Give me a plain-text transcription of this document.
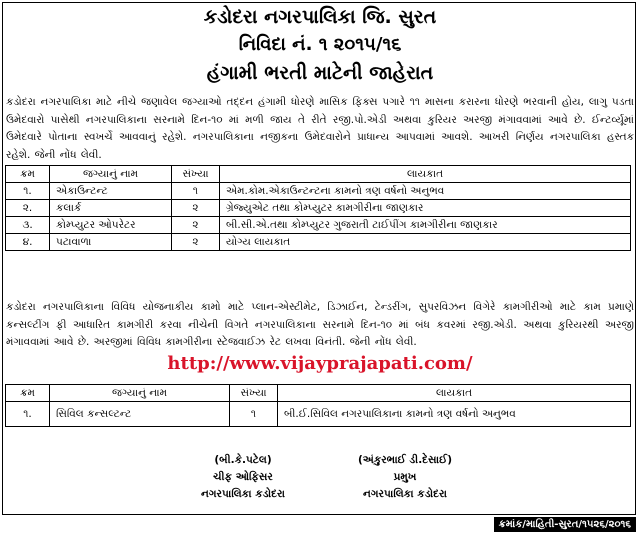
કડોદરા નગરપાલિકા જિ. સુરત
નિવિદા નં. ૧ ૨૦૧૫/૧૬
હંગામી ભરતી માટેની જાહેરાત
કડોદરા નગરપાલિકા માટે નીચે જણાવેલ જગ્યાઓ તદ્દન હંગામી ધોરણે માસિક ફિક્સ પગારે ૧૧ માસના કરારના ધોરણે ભરવાની હોય, લાગુ પડતા ઉમેદવારો પાસેથી નગરપાલિકાના સરનામે દિન-૧૦ માં મળી જાય તે રીતે રજી.પો.એડી અથવા કુરિયર અરજી મંગાવવામાં આવે છે. ઈન્ટર્વ્યૂમાં ઉમેદવારે પોતાના સ્વખર્ચે આવવાનું રહેશે. નગરપાલિકાના નજીકના ઉમેદવારોને પ્રાધાન્ય આપવામાં આવશે. આખરી નિર્ણય નગરપાલિકા હસ્તક રહેશે. જેની નોંધ લેવી.
ક્રમ	જગ્યાનું નામ	સંખ્યા	લાયકાત
૧.	એકાઉન્ટન્ટ	૧	એમ.કોમ.એકાઉન્ટન્ટના કામનો ત્રણ વર્ષનો અનુભવ
૨.	કલાર્ક	૨	ગ્રેજ્યુએટ તથા કોમ્પ્યુટર કામગીરીના જાણકાર
૩.	કોમ્પ્યુટર ઓપરેટર	૨	બી.સી.એ.તથા કોમ્પ્યુટર ગુજરાતી ટાઈપીંગ કામગીરીના જાણકાર
૪.	પટાવાળા	૨	યોગ્ય લાયકાત
કડોદરા નગરપાલિકાના વિવિધ યોજનાકીય કામો માટે પ્લાન-એસ્ટીમેટ, ડિઝાઈન, ટેન્ડરીંગ, સુપરવિઝન વિગેરે કામગીરીઓ માટે કામ પ્રમાણે કન્સલ્ટીંગ ફી આધારિત કામગીરી કરવા નીચેની વિગતે નગરપાલિકાના સરનામે દિન-૧૦ માં બંધ કવરમાં રજી.એડી. અથવા કુરિયરથી અરજી મંગાવવામાં આવે છે. અરજીમાં વિવિધ કામગીરીના સ્ટેજવાઈઝ રેટ લખવા વિનંતી. જેની નોંધ લેવી.
http://www.vijayprajapati.com/
ક્રમ	જગ્યાનું નામ	સંખ્યા	લાયકાત
૧.	સિવિલ કન્સલ્ટન્ટ	૧	બી.ઈ.સિવિલ નગરપાલિકાના કામનો ત્રણ વર્ષનો અનુભવ
(બી.કે.પટેલ)
ચીફ ઓફિસર
નગરપાલિકા કડોદરા
(અંકુરભાઈ ડી.દેસાઈ)
પ્રમુખ
નગરપાલિકા કડોદરા
ક્રમાંક/માહિતી-સુરત/૧૫૨૬/૨૦૧૬
